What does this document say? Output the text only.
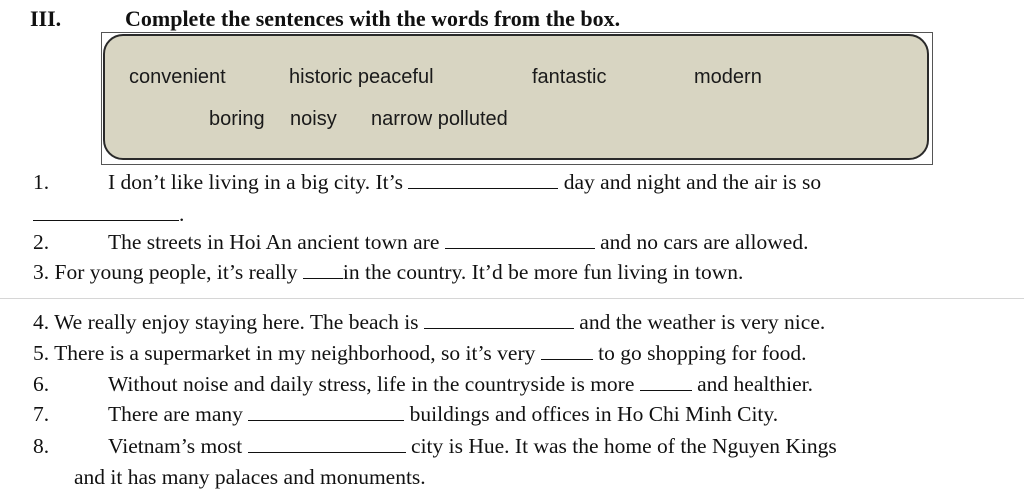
III.	Complete the sentences with the words from the box.
convenient	historic peaceful	fantastic	modern
boring noisy narrow polluted
1.	I don’t like living in a big city. It’s	day and night and the air is so
.
2.	The streets in Hoi An ancient town are	and no cars are allowed.
3. For young people, it’s really in the country. It’d be more fun living in town.
4. We really enjoy staying here. The beach is	and the weather is very nice.
5. There is a supermarket in my neighborhood, so it’s very	to go shopping for food.
6.	Without noise and daily stress, life in the countryside is more	and healthier.
7.	There are many	buildings and offices in Ho Chi Minh City.
8.	Vietnam’s most	city is Hue. It was the home of the Nguyen Kings
and it has many palaces and monuments.
